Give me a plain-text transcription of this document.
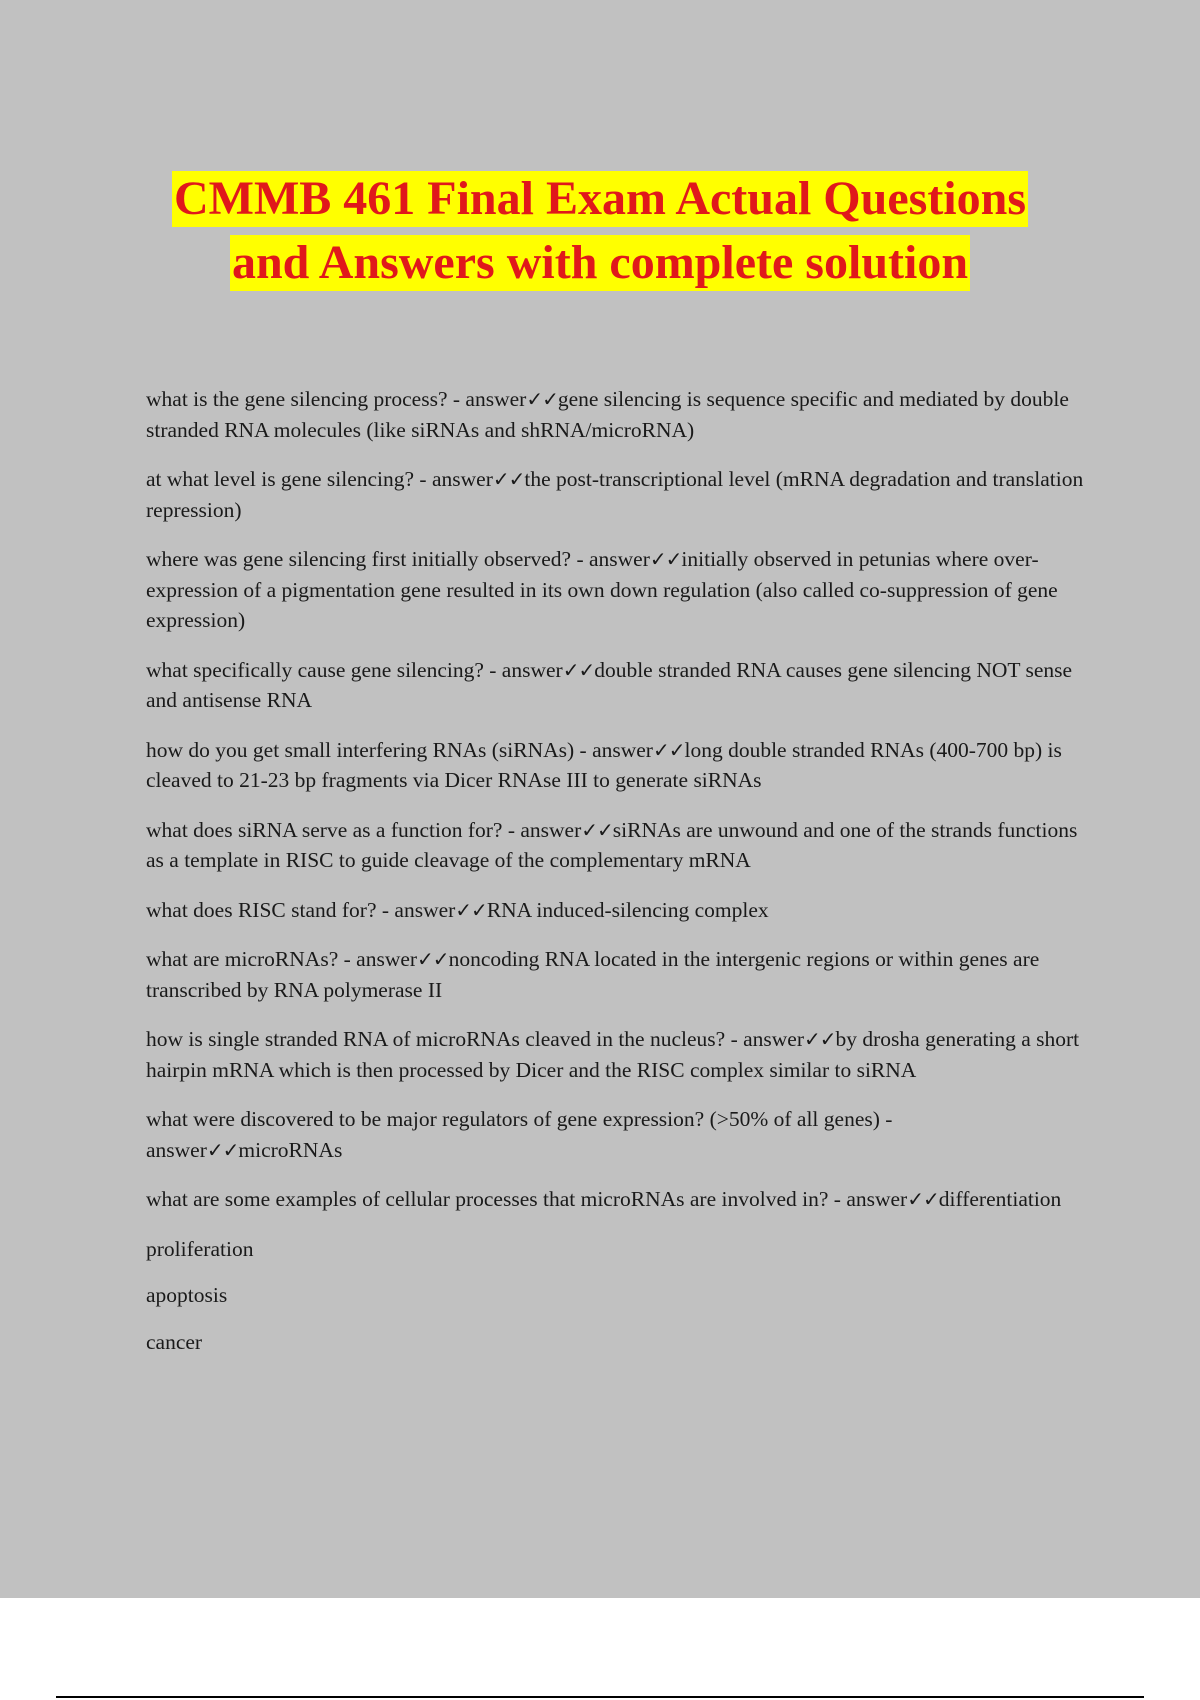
CMMB 461 Final Exam Actual Questions
and Answers with complete solution

what is the gene silencing process? - answer✓✓gene silencing is sequence specific and mediated by double stranded RNA molecules (like siRNAs and shRNA/microRNA)

at what level is gene silencing? - answer✓✓the post-transcriptional level (mRNA degradation and translation repression)

where was gene silencing first initially observed? - answer✓✓initially observed in petunias where over-expression of a pigmentation gene resulted in its own down regulation (also called co-suppression of gene expression)

what specifically cause gene silencing? - answer✓✓double stranded RNA causes gene silencing NOT sense and antisense RNA

how do you get small interfering RNAs (siRNAs) - answer✓✓long double stranded RNAs (400-700 bp) is cleaved to 21-23 bp fragments via Dicer RNAse III to generate siRNAs

what does siRNA serve as a function for? - answer✓✓siRNAs are unwound and one of the strands functions as a template in RISC to guide cleavage of the complementary mRNA

what does RISC stand for? - answer✓✓RNA induced-silencing complex

what are microRNAs? - answer✓✓noncoding RNA located in the intergenic regions or within genes are transcribed by RNA polymerase II

how is single stranded RNA of microRNAs cleaved in the nucleus? - answer✓✓by drosha generating a short hairpin mRNA which is then processed by Dicer and the RISC complex similar to siRNA

what were discovered to be major regulators of gene expression? (>50% of all genes) - answer✓✓microRNAs

what are some examples of cellular processes that microRNAs are involved in? - answer✓✓differentiation

proliferation

apoptosis

cancer
